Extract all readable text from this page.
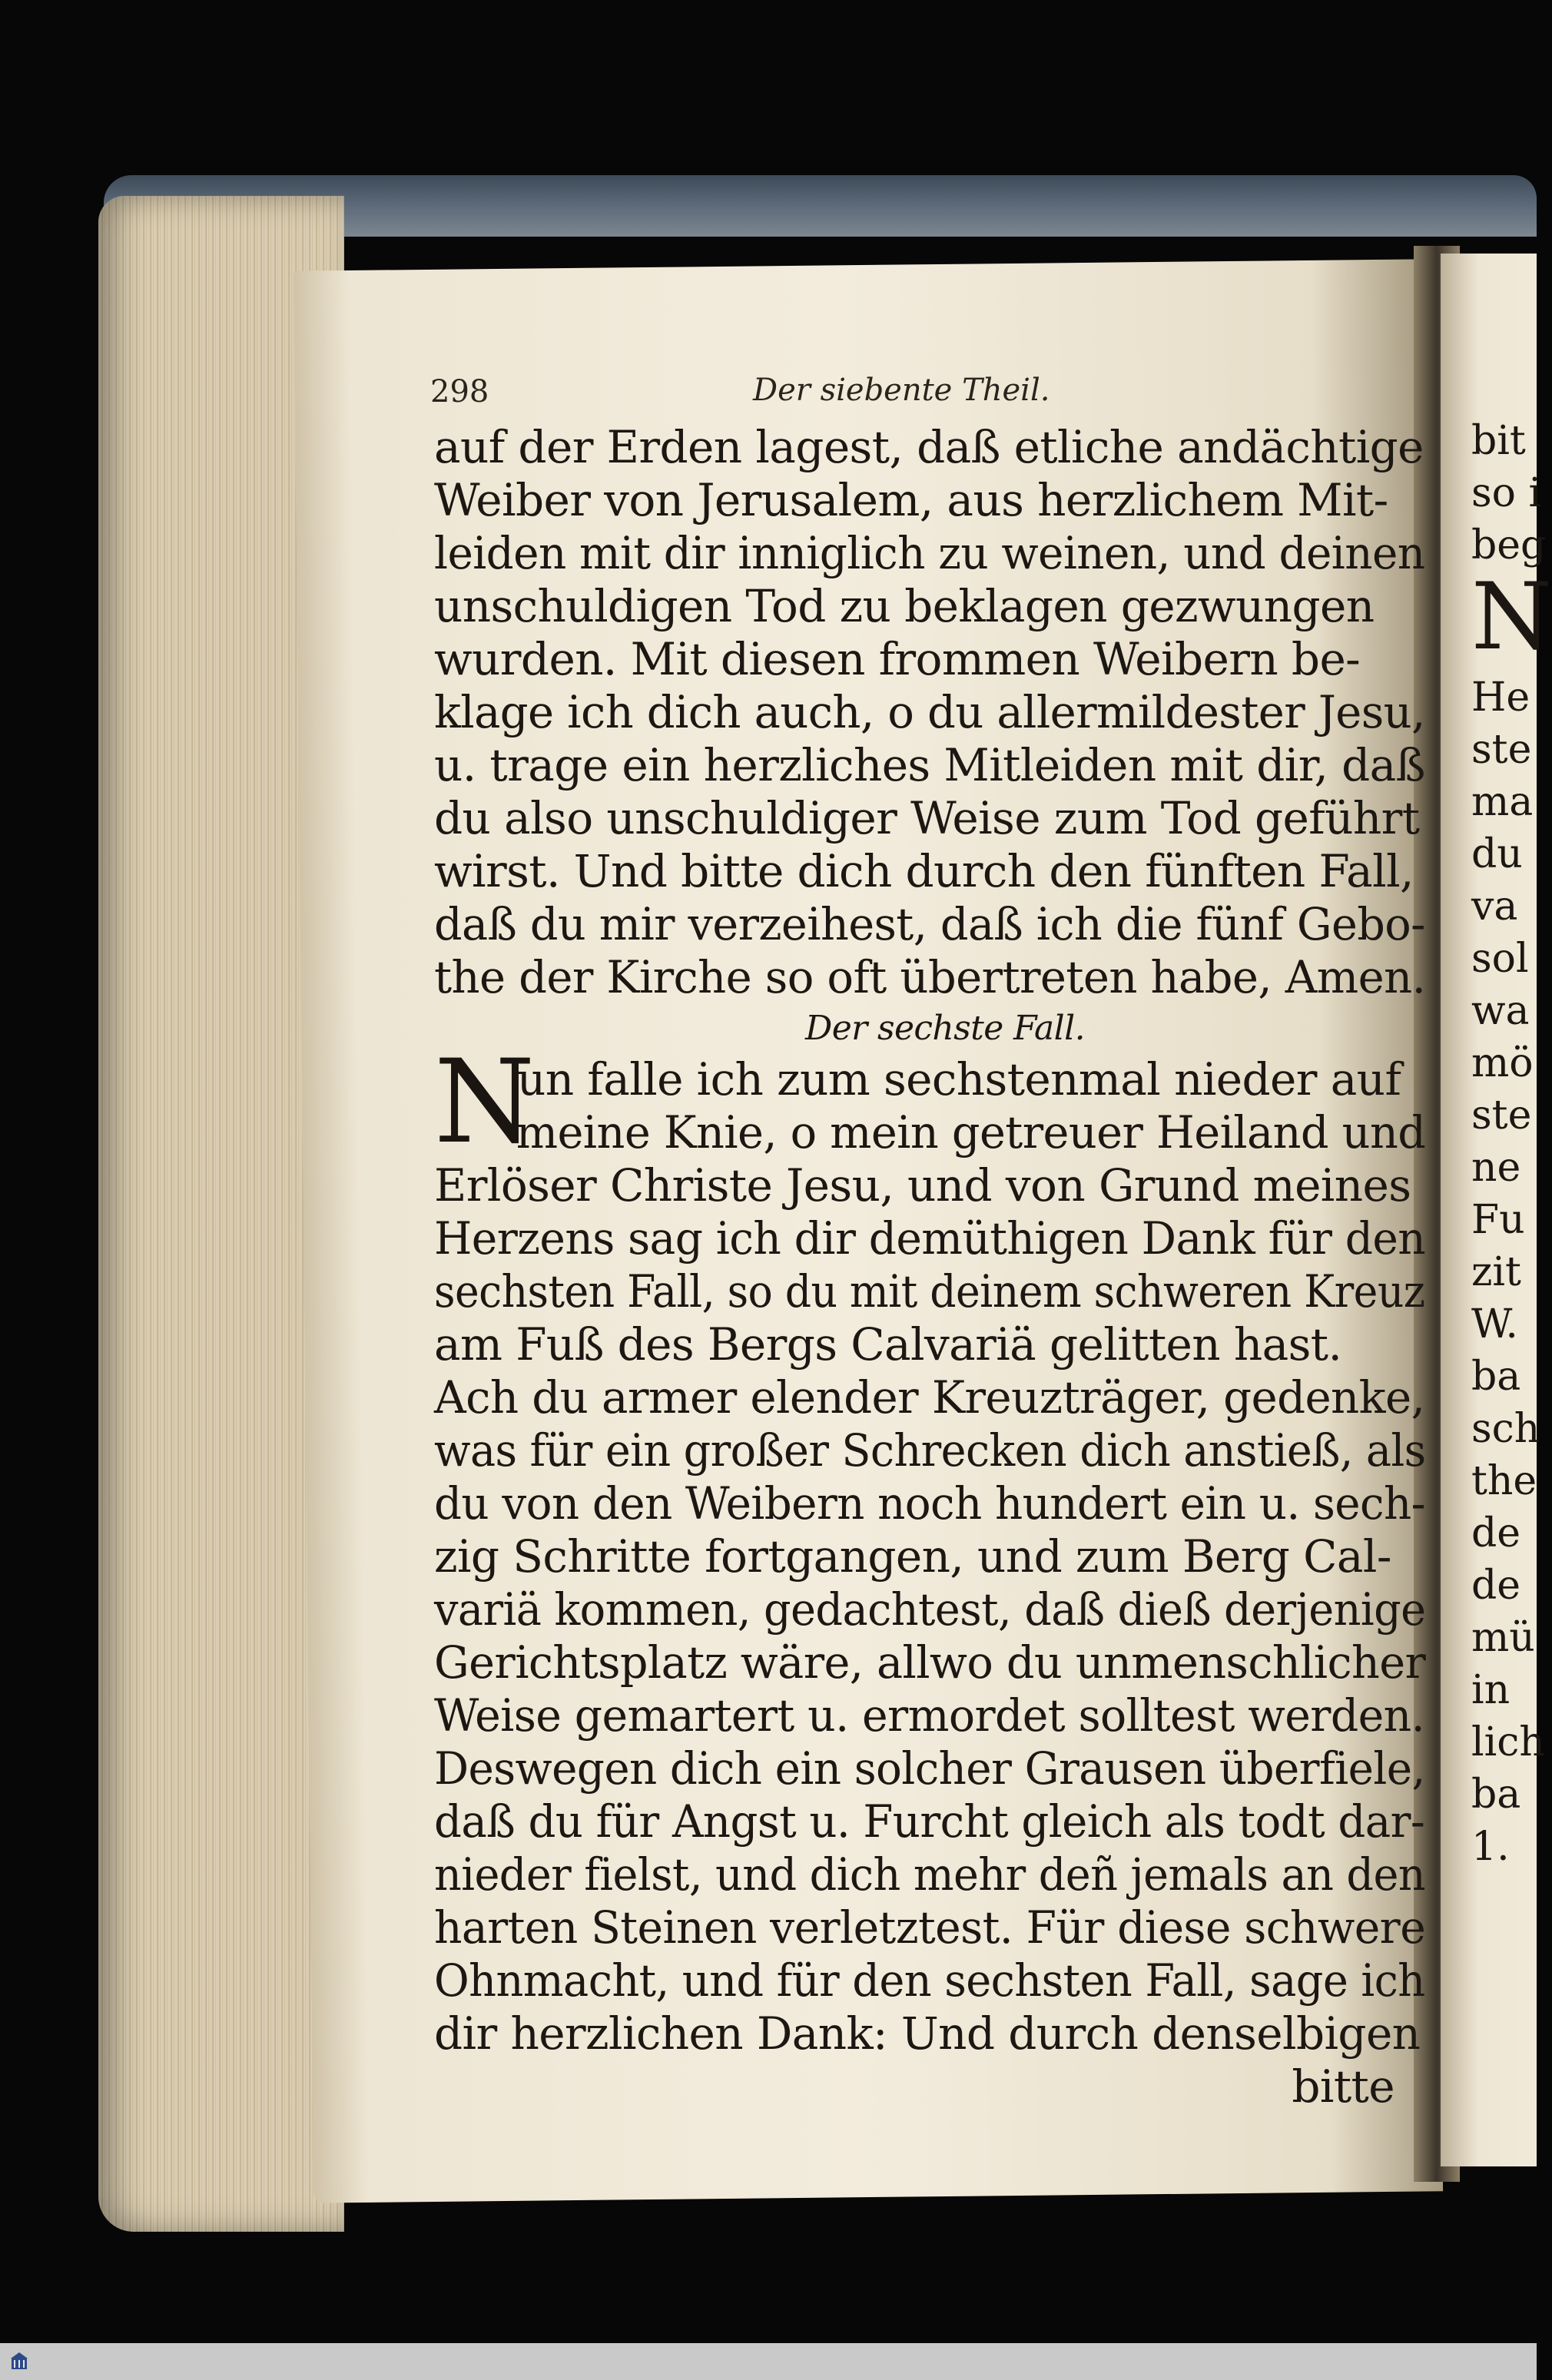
298	Der siebente Theil.
auf der Erden lagest, daß etliche andächtige
Weiber von Jerusalem, aus herzlichem Mit-
leiden mit dir inniglich zu weinen, und deinen
unschuldigen Tod zu beklagen gezwungen
wurden. Mit diesen frommen Weibern be-
klage ich dich auch, o du allermildester Jesu,
u. trage ein herzliches Mitleiden mit dir, daß
du also unschuldiger Weise zum Tod geführt
wirst. Und bitte dich durch den fünften Fall,
daß du mir verzeihest, daß ich die fünf Gebo-
the der Kirche so oft übertreten habe, Amen.
Der sechste Fall.
N
un falle ich zum sechstenmal nieder auf
meine Knie, o mein getreuer Heiland und
Erlöser Christe Jesu, und von Grund meines
Herzens sag ich dir demüthigen Dank für den
sechsten Fall, so du mit deinem schweren Kreuz
am Fuß des Bergs Calvariä gelitten hast.
Ach du armer elender Kreuzträger, gedenke,
was für ein großer Schrecken dich anstieß, als
du von den Weibern noch hundert ein u. sech-
zig Schritte fortgangen, und zum Berg Cal-
variä kommen, gedachtest, daß dieß derjenige
Gerichtsplatz wäre, allwo du unmenschlicher
Weise gemartert u. ermordet solltest werden.
Deswegen dich ein solcher Grausen überfiele,
daß du für Angst u. Furcht gleich als todt dar-
nieder fielst, und dich mehr deñ jemals an den
harten Steinen verletztest. Für diese schwere
Ohnmacht, und für den sechsten Fall, sage ich
dir herzlichen Dank: Und durch denselbigen
bitte
bit
so i
beg
N
He
ste
ma
du
va
sol
wa
mö
ste
ne
Fu
zit
W.
ba
sch
the
de
de
mü
in
lich
ba
1.
